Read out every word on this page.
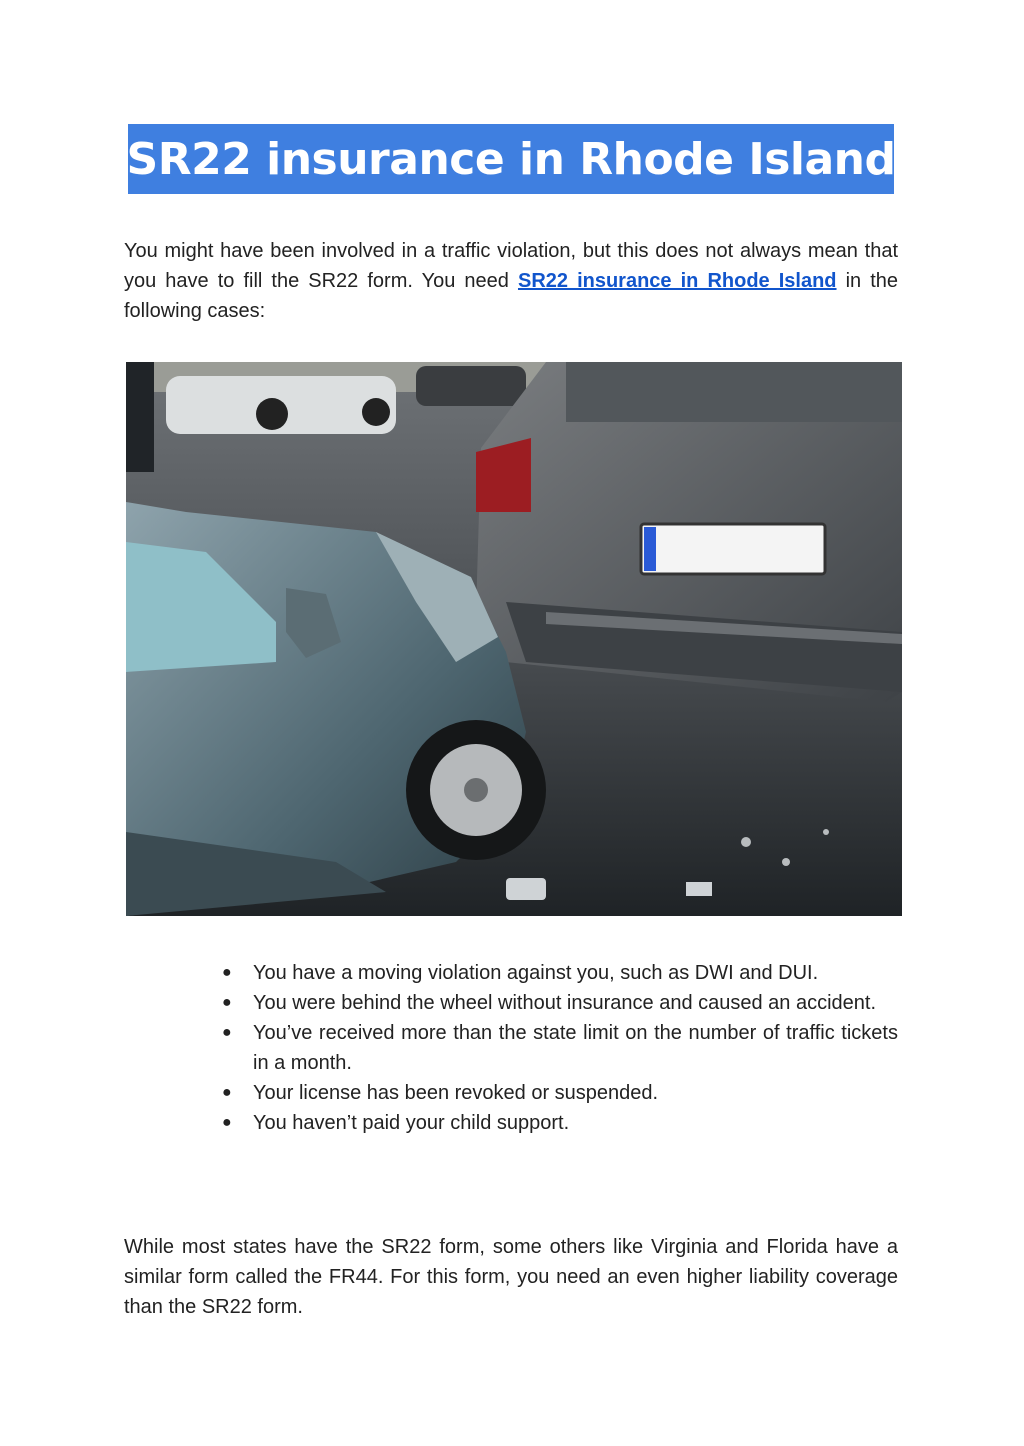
SR22 insurance in Rhode Island

You might have been involved in a traffic violation, but this does not always mean that you have to fill the SR22 form. You need SR22 insurance in Rhode Island in the following cases:

● You have a moving violation against you, such as DWI and DUI.
● You were behind the wheel without insurance and caused an accident.
● You’ve received more than the state limit on the number of traffic tickets in a month.
● Your license has been revoked or suspended.
● You haven’t paid your child support.

While most states have the SR22 form, some others like Virginia and Florida have a similar form called the FR44. For this form, you need an even higher liability coverage than the SR22 form.
